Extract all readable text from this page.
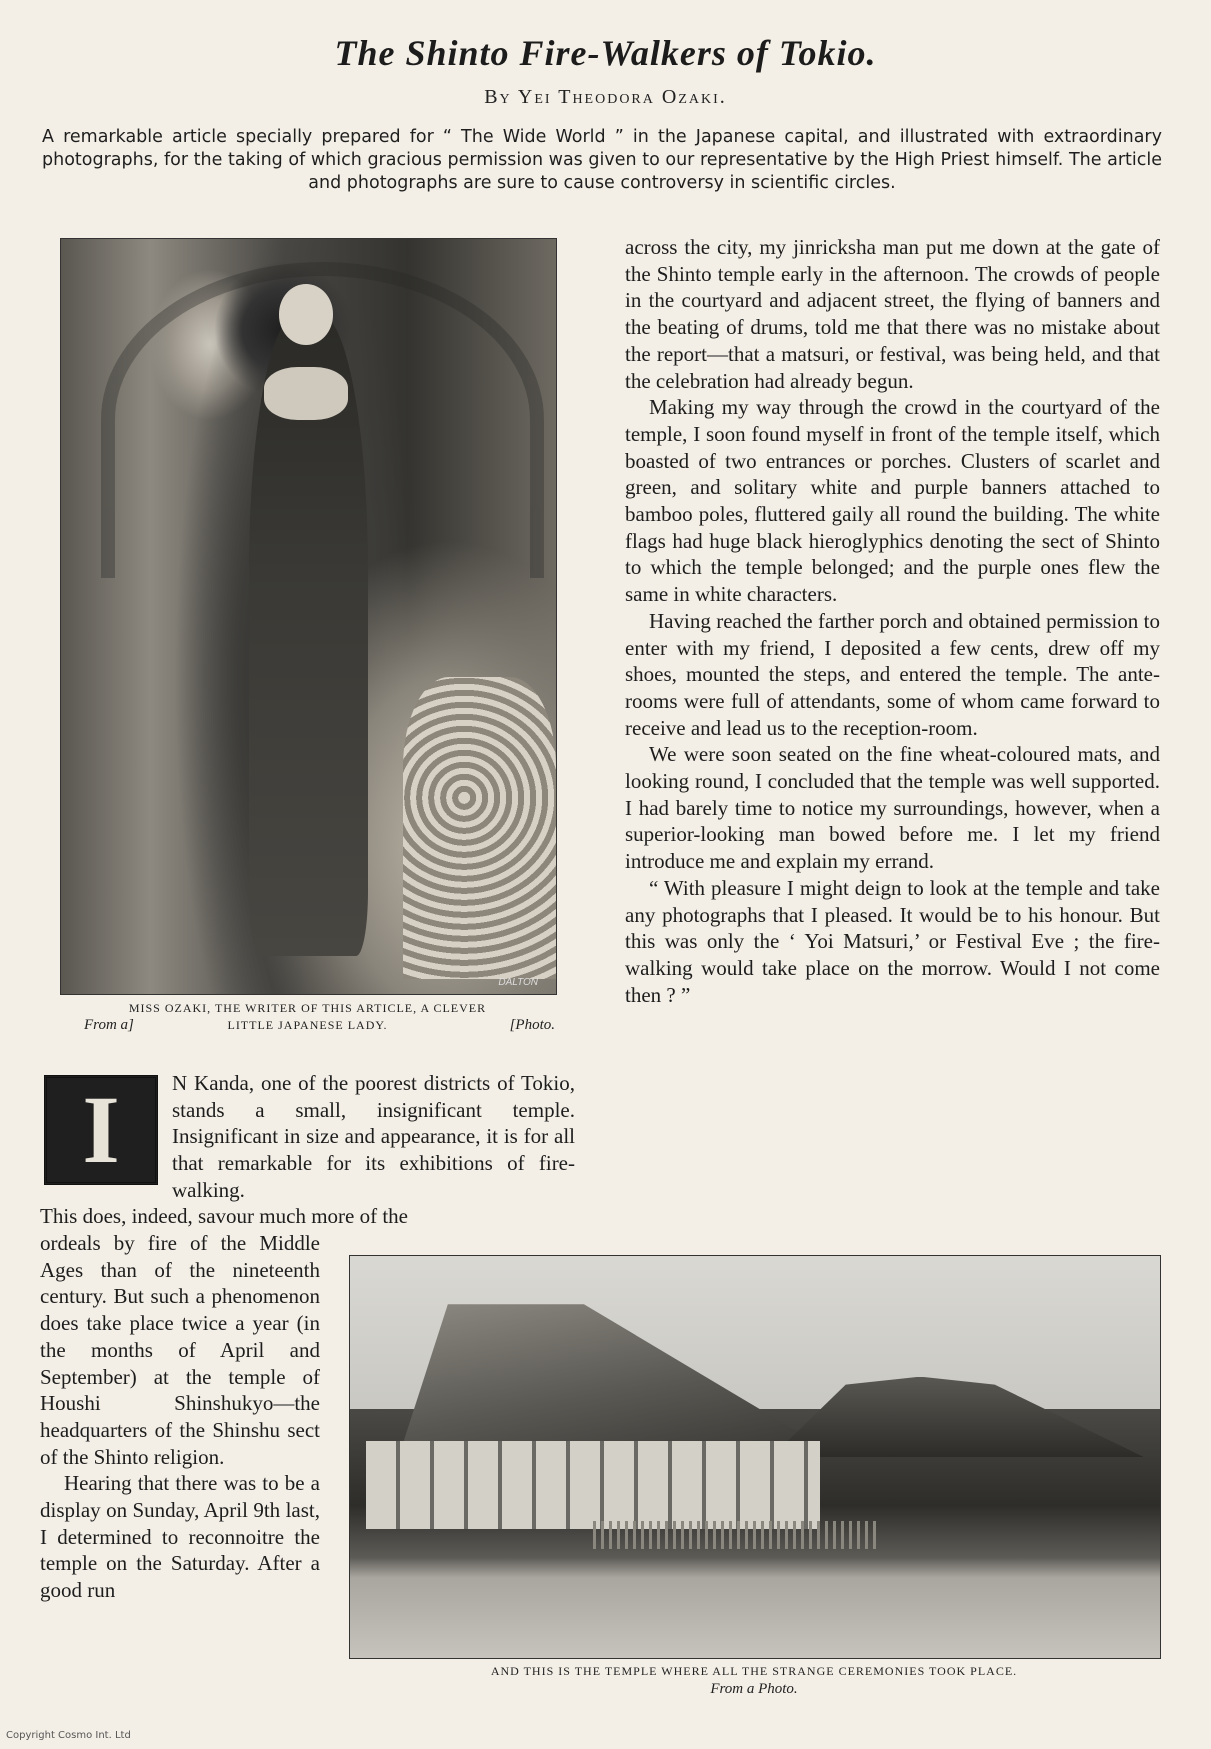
The Shinto Fire-Walkers of Tokio.
By Yei Theodora Ozaki.
A remarkable article specially prepared for “ The Wide World ” in the Japanese capital, and illustrated with extraordinary photographs, for the taking of which gracious permission was given to our representative by the High Priest himself. The article and photographs are sure to cause controversy in scientific circles.
DALTON
MISS OZAKI, THE WRITER OF THIS ARTICLE, A CLEVER
From a]	LITTLE JAPANESE LADY.	[Photo.

across the city, my jinricksha man put me down at the gate of the Shinto temple early in the afternoon. The crowds of people in the courtyard and adjacent street, the flying of banners and the beating of drums, told me that there was no mistake about the report—that a matsuri, or festival, was being held, and that the celebration had already begun.

Making my way through the crowd in the courtyard of the temple, I soon found myself in front of the temple itself, which boasted of two entrances or porches. Clusters of scarlet and green, and solitary white and purple banners attached to bamboo poles, fluttered gaily all round the building. The white flags had huge black hieroglyphics denoting the sect of Shinto to which the temple belonged; and the purple ones flew the same in white characters.

Having reached the farther porch and obtained permission to enter with my friend, I deposited a few cents, drew off my shoes, mounted the steps, and entered the temple. The ante-rooms were full of attendants, some of whom came forward to receive and lead us to the reception-room.

We were soon seated on the fine wheat-coloured mats, and looking round, I concluded that the temple was well supported. I had barely time to notice my surroundings, however, when a superior-looking man bowed before me. I let my friend introduce me and explain my errand.

“ With pleasure I might deign to look at the temple and take any photographs that I pleased. It would be to his honour. But this was only the ‘ Yoi Matsuri,’ or Festival Eve ; the fire-walking would take place on the morrow. Would I not come then ? ”

I	N Kanda, one of the poorest districts of Tokio, stands a small, insignificant temple. Insignificant in size and appearance, it is for all that remarkable for its exhibitions of fire-walking.
This does, indeed, savour much more of the

ordeals by fire of the Middle Ages than of the nineteenth century. But such a phenomenon does take place twice a year (in the months of April and September) at the temple of Houshi Shinshukyo—the headquarters of the Shinshu sect of the Shinto religion.

Hearing that there was to be a display on Sunday, April 9th last, I determined to reconnoitre the temple on the Saturday. After a good run

AND THIS IS THE TEMPLE WHERE ALL THE STRANGE CEREMONIES TOOK PLACE.
From a Photo.
Copyright Cosmo Int. Ltd
